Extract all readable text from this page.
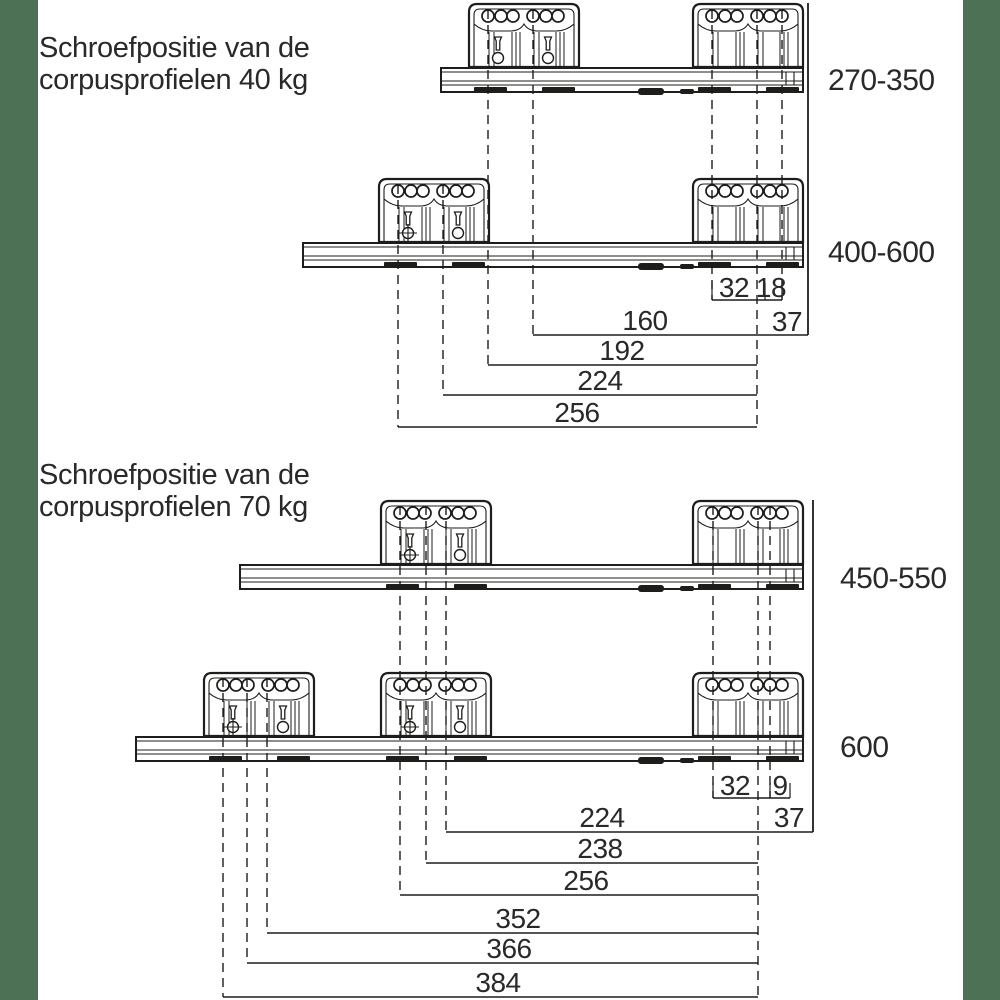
Schroefpositie van de
corpusprofielen 40 kg
32 18
37
160
192
224
256
270-350
400-600
Schroefpositie van de
corpusprofielen 70 kg
32 9
37
224
238
256
352
366
384
450-550
600
